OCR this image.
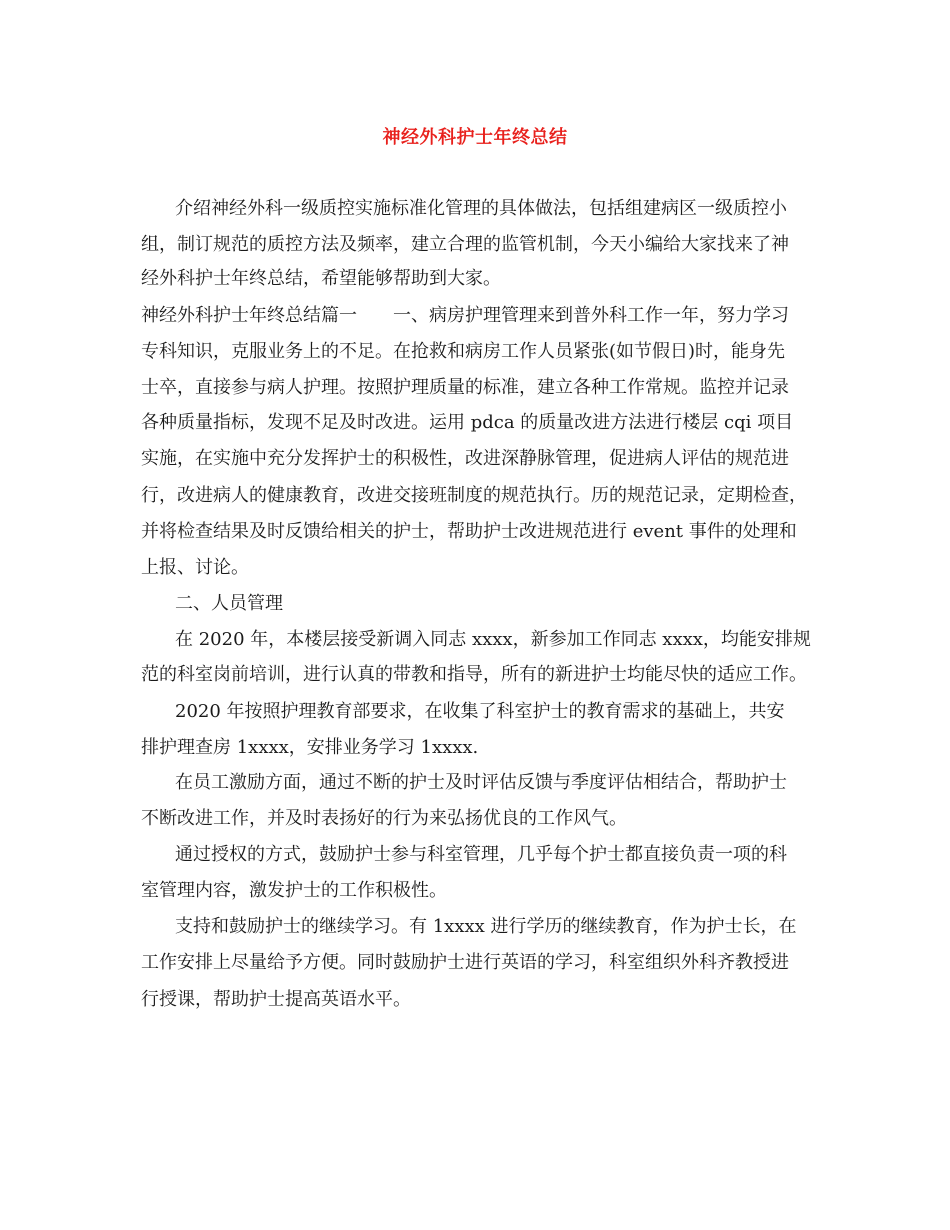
神经外科护士年终总结
介绍神经外科一级质控实施标准化管理的具体做法，包括组建病区一级质控小
组，制订规范的质控方法及频率，建立合理的监管机制，今天小编给大家找来了神
经外科护士年终总结，希望能够帮助到大家。
神经外科护士年终总结篇一　　一、病房护理管理来到普外科工作一年，努力学习
专科知识，克服业务上的不足。在抢救和病房工作人员紧张(如节假日)时，能身先
士卒，直接参与病人护理。按照护理质量的标准，建立各种工作常规。监控并记录
各种质量指标，发现不足及时改进。运用 pdca 的质量改进方法进行楼层 cqi 项目
实施，在实施中充分发挥护士的积极性，改进深静脉管理，促进病人评估的规范进
行，改进病人的健康教育，改进交接班制度的规范执行。历的规范记录，定期检查，
并将检查结果及时反馈给相关的护士，帮助护士改进规范进行 event 事件的处理和
上报、讨论。
二、人员管理
在 2020 年，本楼层接受新调入同志 xxxx，新参加工作同志 xxxx，均能安排规
范的科室岗前培训，进行认真的带教和指导，所有的新进护士均能尽快的适应工作。
2020 年按照护理教育部要求，在收集了科室护士的教育需求的基础上，共安
排护理查房 1xxxx，安排业务学习 1xxxx.
在员工激励方面，通过不断的护士及时评估反馈与季度评估相结合，帮助护士
不断改进工作，并及时表扬好的行为来弘扬优良的工作风气。
通过授权的方式，鼓励护士参与科室管理，几乎每个护士都直接负责一项的科
室管理内容，激发护士的工作积极性。
支持和鼓励护士的继续学习。有 1xxxx 进行学历的继续教育，作为护士长，在
工作安排上尽量给予方便。同时鼓励护士进行英语的学习，科室组织外科齐教授进
行授课，帮助护士提高英语水平。
